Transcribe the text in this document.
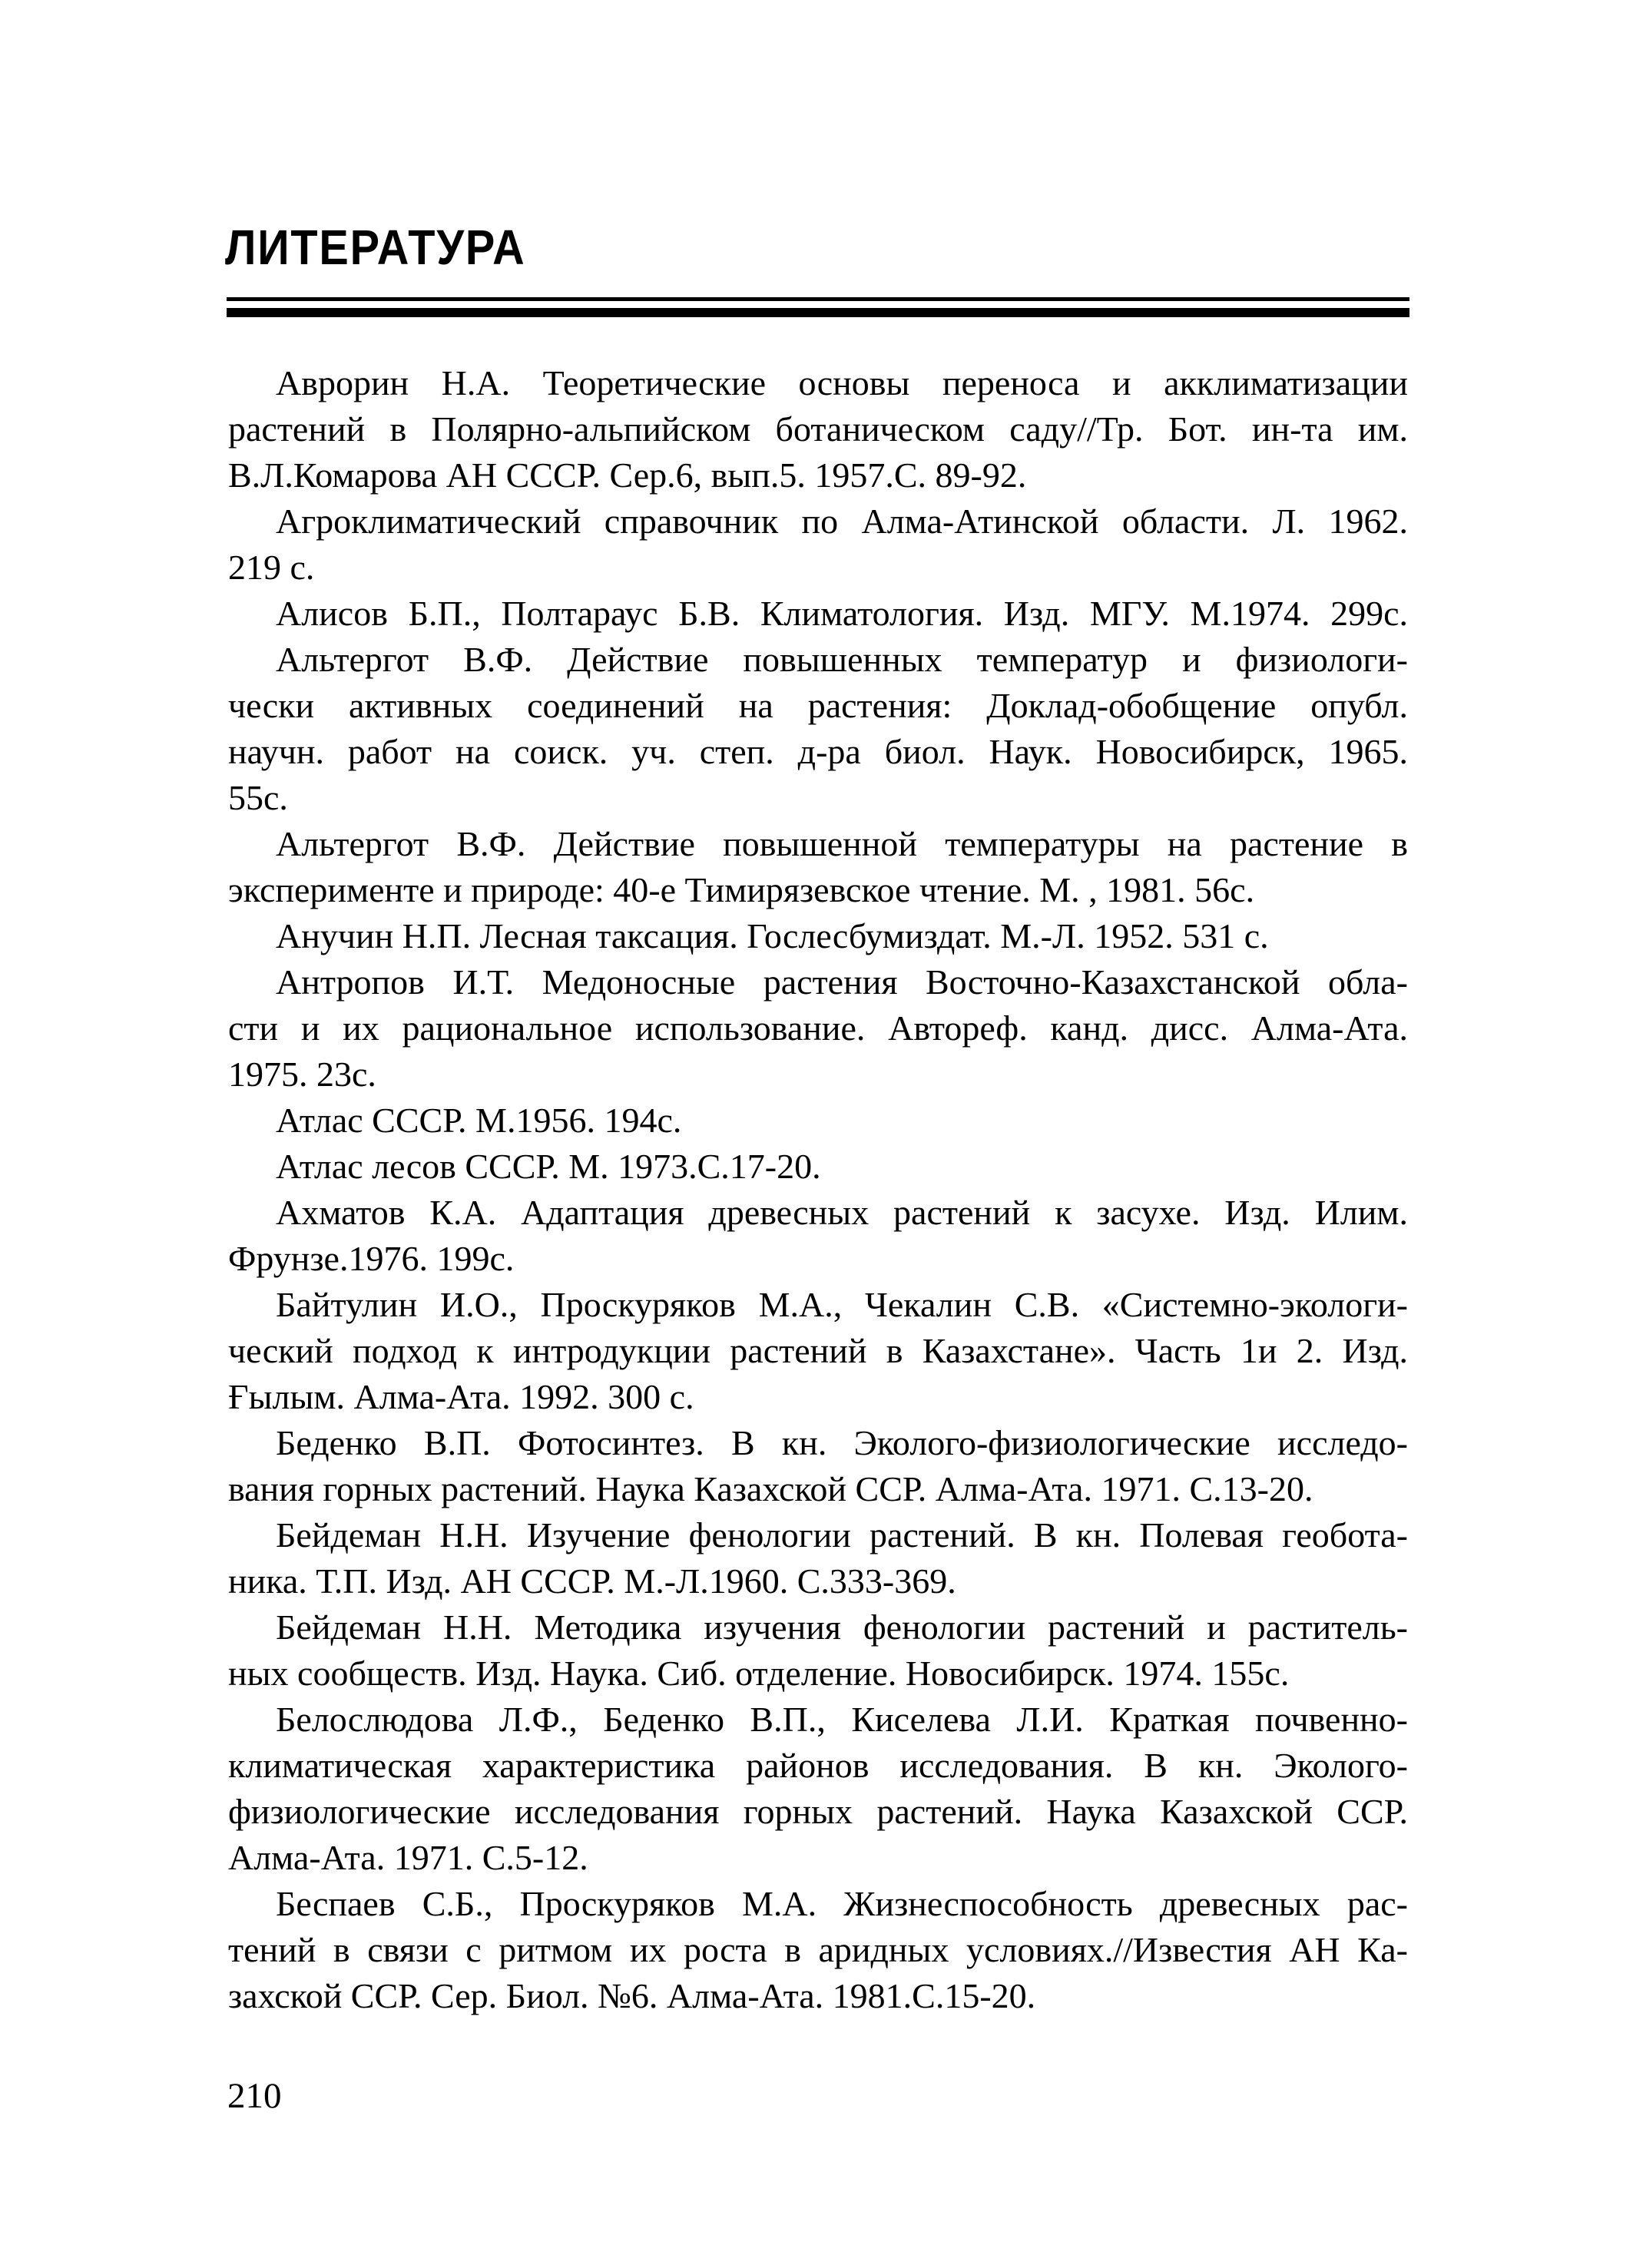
ЛИТЕРАТУРА
Аврорин Н.А. Теоретические основы переноса и акклиматизации
растений в Полярно-альпийском ботаническом саду//Тр. Бот. ин-та им.
В.Л.Комарова АН СССР. Сер.6, вып.5. 1957.С. 89-92.
Агроклиматический справочник по Алма-Атинской области. Л. 1962.
219 с.
Алисов Б.П., Полтараус Б.В. Климатология. Изд. МГУ. М.1974. 299с.
Альтергот В.Ф. Действие повышенных температур и физиологи-
чески активных соединений на растения: Доклад-обобщение опубл.
научн. работ на соиск. уч. степ. д-ра биол. Наук. Новосибирск, 1965.
55с.
Альтергот В.Ф. Действие повышенной температуры на растение в
эксперименте и природе: 40-е Тимирязевское чтение. М. , 1981. 56с.
Анучин Н.П. Лесная таксация. Гослесбумиздат. М.-Л. 1952. 531 с.
Антропов И.Т. Медоносные растения Восточно-Казахстанской обла-
сти и их рациональное использование. Автореф. канд. дисс. Алма-Ата.
1975. 23с.
Атлас СССР. М.1956. 194с.
Атлас лесов СССР. М. 1973.С.17-20.
Ахматов К.А. Адаптация древесных растений к засухе. Изд. Илим.
Фрунзе.1976. 199с.
Байтулин И.О., Проскуряков М.А., Чекалин С.В. «Системно-экологи-
ческий подход к интродукции растений в Казахстане». Часть 1и 2. Изд.
Ғылым. Алма-Ата. 1992. 300 с.
Беденко В.П. Фотосинтез. В кн. Эколого-физиологические исследо-
вания горных растений. Наука Казахской ССР. Алма-Ата. 1971. С.13-20.
Бейдеман Н.Н. Изучение фенологии растений. В кн. Полевая геобота-
ника. Т.П. Изд. АН СССР. М.-Л.1960. С.333-369.
Бейдеман Н.Н. Методика изучения фенологии растений и раститель-
ных сообществ. Изд. Наука. Сиб. отделение. Новосибирск. 1974. 155с.
Белослюдова Л.Ф., Беденко В.П., Киселева Л.И. Краткая почвенно-
климатическая характеристика районов исследования. В кн. Эколого-
физиологические исследования горных растений. Наука Казахской ССР.
Алма-Ата. 1971. С.5-12.
Беспаев С.Б., Проскуряков М.А. Жизнеспособность древесных рас-
тений в связи с ритмом их роста в аридных условиях.//Известия АН Ка-
захской ССР. Сер. Биол. №6. Алма-Ата. 1981.С.15-20.
210
